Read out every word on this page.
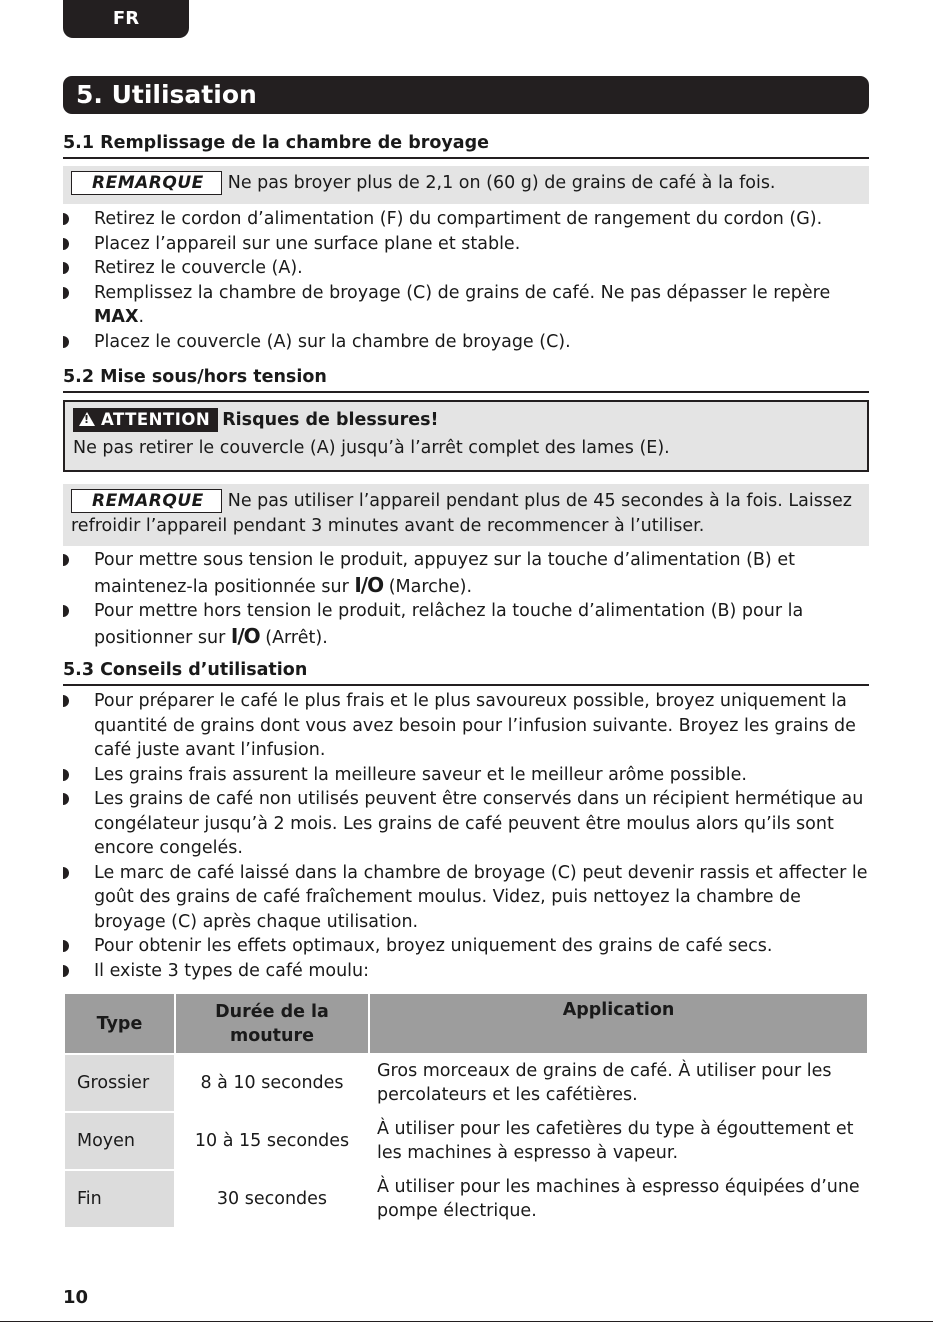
FR
5. Utilisation
5.1 Remplissage de la chambre de broyage
REMARQUE Ne pas broyer plus de 2,1 on (60 g) de grains de café à la fois.
Retirez le cordon d’alimentation (F) du compartiment de rangement du cordon (G).
Placez l’appareil sur une surface plane et stable.
Retirez le couvercle (A).
Remplissez la chambre de broyage (C) de grains de café. Ne pas dépasser le repère
MAX.
Placez le couvercle (A) sur la chambre de broyage (C).
5.2 Mise sous/hors tension
!ATTENTION Risques de blessures!
Ne pas retirer le couvercle (A) jusqu’à l’arrêt complet des lames (E).
REMARQUE Ne pas utiliser l’appareil pendant plus de 45 secondes à la fois. Laissez refroidir l’appareil pendant 3 minutes avant de recommencer à l’utiliser.
Pour mettre sous tension le produit, appuyez sur la touche d’alimentation (B) et maintenez-la positionnée sur I/O (Marche).
Pour mettre hors tension le produit, relâchez la touche d’alimentation (B) pour la positionner sur I/O (Arrêt).
5.3 Conseils d’utilisation
Pour préparer le café le plus frais et le plus savoureux possible, broyez uniquement la quantité de grains dont vous avez besoin pour l’infusion suivante. Broyez les grains de café juste avant l’infusion.
Les grains frais assurent la meilleure saveur et le meilleur arôme possible.
Les grains de café non utilisés peuvent être conservés dans un récipient hermétique au congélateur jusqu’à 2 mois. Les grains de café peuvent être moulus alors qu’ils sont encore congelés.
Le marc de café laissé dans la chambre de broyage (C) peut devenir rassis et affecter le goût des grains de café fraîchement moulus. Videz, puis nettoyez la chambre de broyage (C) après chaque utilisation.
Pour obtenir les effets optimaux, broyez uniquement des grains de café secs.
Il existe 3 types de café moulu:
Type	Durée de la mouture	Application
Grossier	8 à 10 secondes	Gros morceaux de grains de café. À utiliser pour les percolateurs et les cafétières.
Moyen	10 à 15 secondes	À utiliser pour les cafetières du type à égouttement et les machines à espresso à vapeur.
Fin	30 secondes	À utiliser pour les machines à espresso équipées d’une pompe électrique.
10
